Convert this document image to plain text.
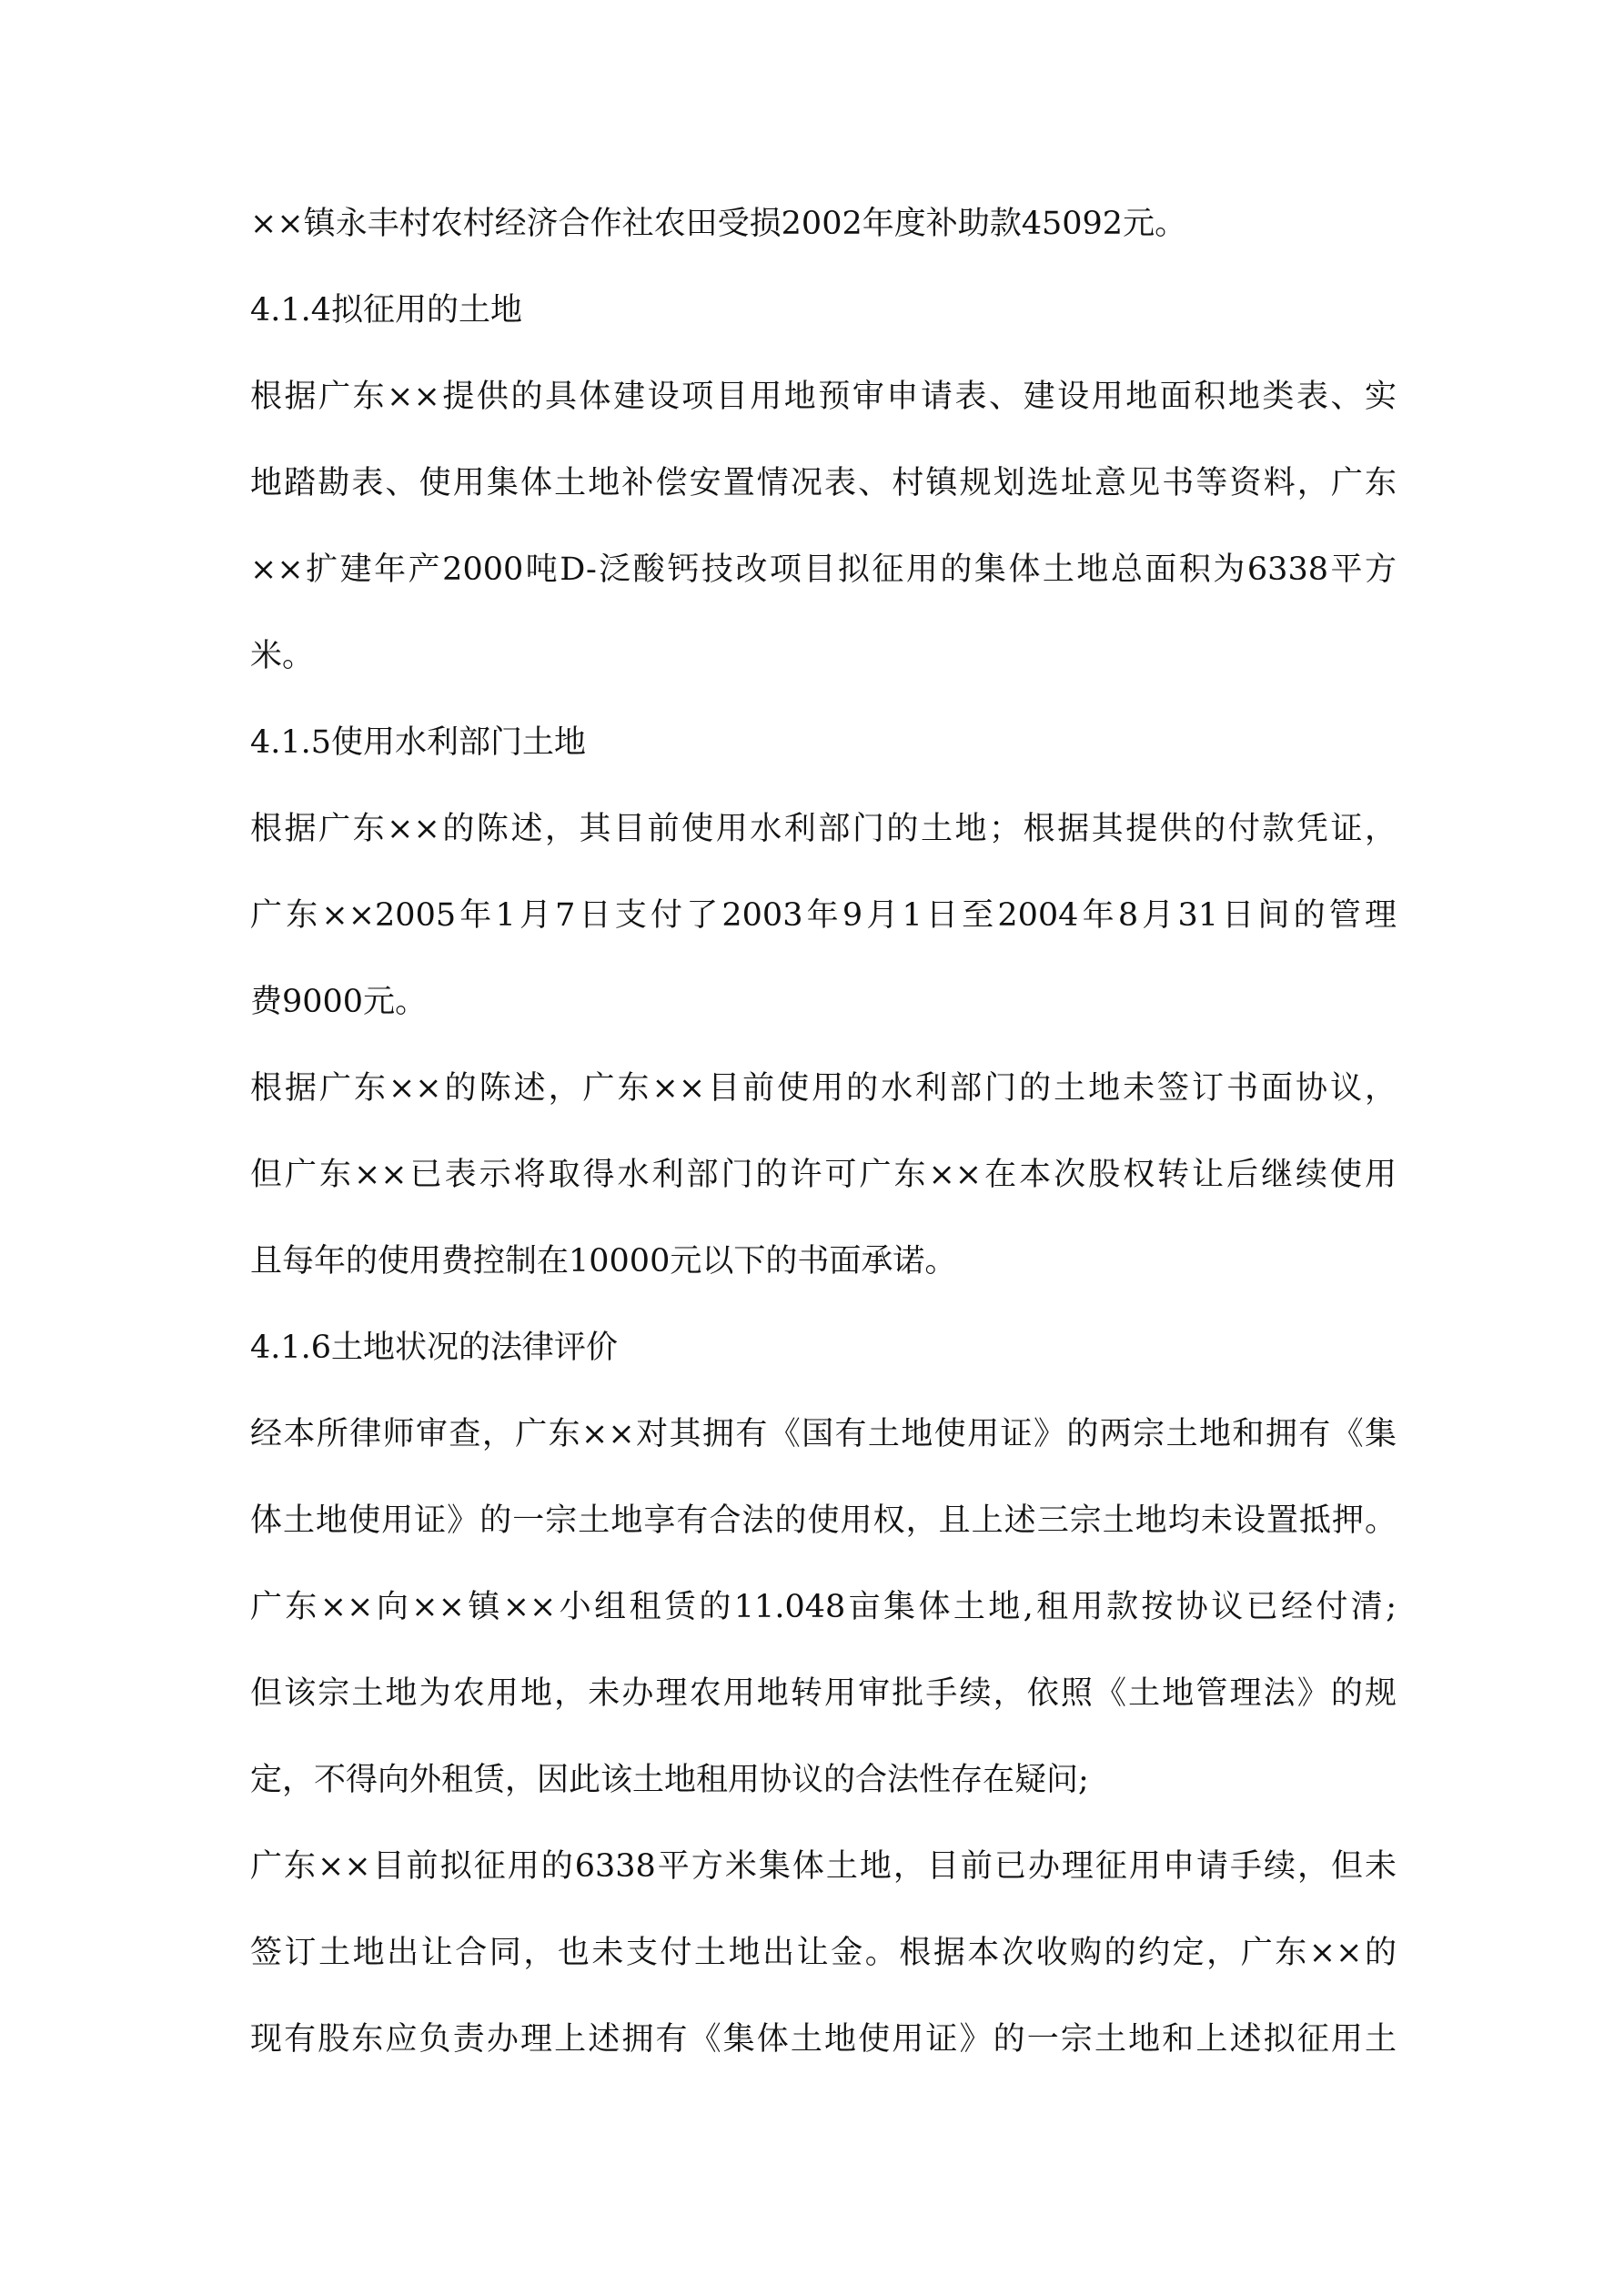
××镇永丰村农村经济合作社农田受损2002年度补助款45092元。

4.1.4拟征用的土地

根据广东××提供的具体建设项目用地预审申请表、建设用地面积地类表、实

地踏勘表、使用集体土地补偿安置情况表、村镇规划选址意见书等资料，广东

××扩建年产2000吨D-泛酸钙技改项目拟征用的集体土地总面积为6338平方

米。

4.1.5使用水利部门土地

根据广东××的陈述，其目前使用水利部门的土地；根据其提供的付款凭证，

广东××2005年1月7日支付了2003年9月1日至2004年8月31日间的管理

费9000元。

根据广东××的陈述，广东××目前使用的水利部门的土地未签订书面协议，

但广东××已表示将取得水利部门的许可广东××在本次股权转让后继续使用

且每年的使用费控制在10000元以下的书面承诺。

4.1.6土地状况的法律评价

经本所律师审查，广东××对其拥有《国有土地使用证》的两宗土地和拥有《集

体土地使用证》的一宗土地享有合法的使用权，且上述三宗土地均未设置抵押。

广东××向××镇××小组租赁的11.048亩集体土地,租用款按协议已经付清;

但该宗土地为农用地，未办理农用地转用审批手续，依照《土地管理法》的规

定，不得向外租赁，因此该土地租用协议的合法性存在疑问;

广东××目前拟征用的6338平方米集体土地，目前已办理征用申请手续，但未

签订土地出让合同，也未支付土地出让金。根据本次收购的约定，广东××的

现有股东应负责办理上述拥有《集体土地使用证》的一宗土地和上述拟征用土
